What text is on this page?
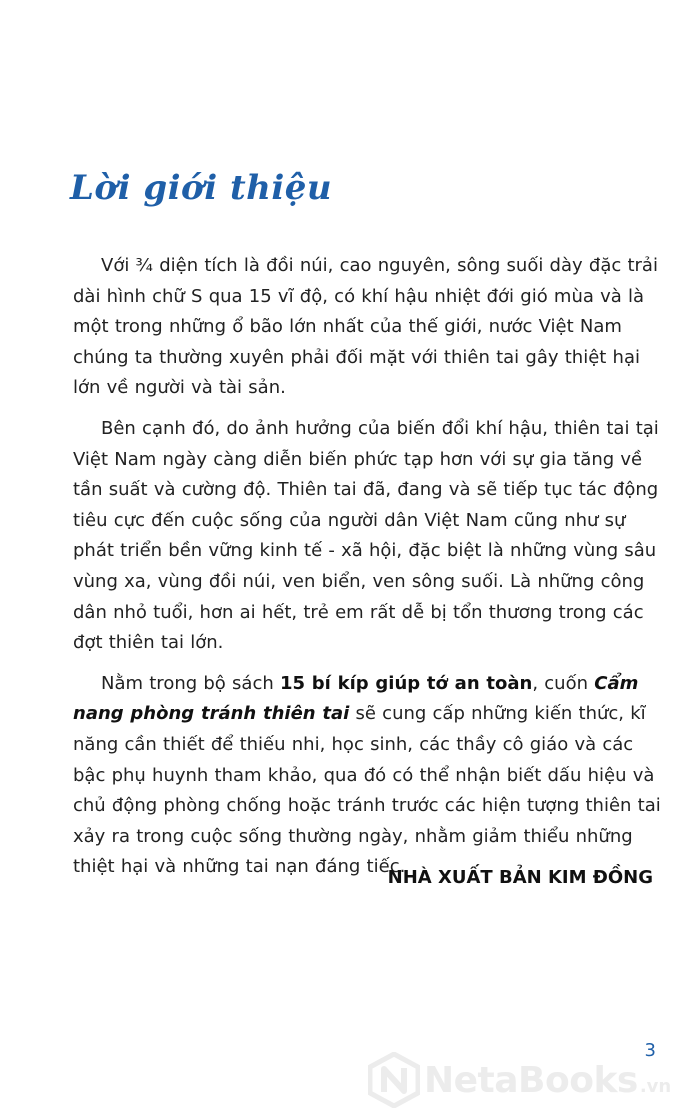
Lời giới thiệu

Với ¾ diện tích là đồi núi, cao nguyên, sông suối dày đặc trải dài hình chữ S qua 15 vĩ độ, có khí hậu nhiệt đới gió mùa và là một trong những ổ bão lớn nhất của thế giới, nước Việt Nam chúng ta thường xuyên phải đối mặt với thiên tai gây thiệt hại lớn về người và tài sản.

Bên cạnh đó, do ảnh hưởng của biến đổi khí hậu, thiên tai tại Việt Nam ngày càng diễn biến phức tạp hơn với sự gia tăng về tần suất và cường độ. Thiên tai đã, đang và sẽ tiếp tục tác động tiêu cực đến cuộc sống của người dân Việt Nam cũng như sự phát triển bền vững kinh tế - xã hội, đặc biệt là những vùng sâu vùng xa, vùng đồi núi, ven biển, ven sông suối. Là những công dân nhỏ tuổi, hơn ai hết, trẻ em rất dễ bị tổn thương trong các đợt thiên tai lớn.

Nằm trong bộ sách 15 bí kíp giúp tớ an toàn, cuốn Cẩm nang phòng tránh thiên tai sẽ cung cấp những kiến thức, kĩ năng cần thiết để thiếu nhi, học sinh, các thầy cô giáo và các bậc phụ huynh tham khảo, qua đó có thể nhận biết dấu hiệu và chủ động phòng chống hoặc tránh trước các hiện tượng thiên tai xảy ra trong cuộc sống thường ngày, nhằm giảm thiểu những thiệt hại và những tai nạn đáng tiếc.

NHÀ XUẤT BẢN KIM ĐỒNG

3

NetaBooks .vn
